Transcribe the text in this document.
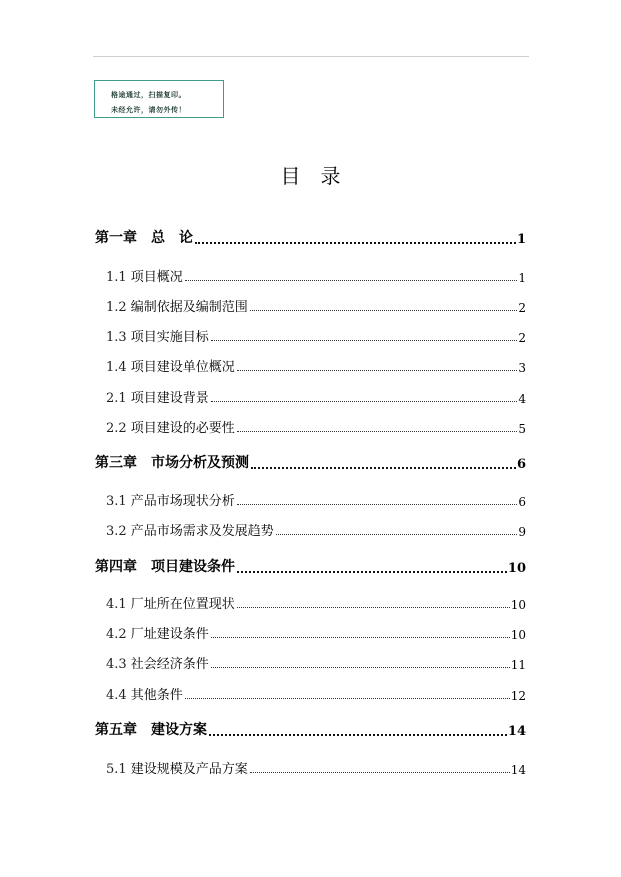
格途通过，扫描复印。
未经允许，请勿外传！
目　录
第一章　总　论	1
1.1 项目概况	1
1.2 编制依据及编制范围	2
1.3 项目实施目标	2
1.4 项目建设单位概况	3
2.1 项目建设背景	4
2.2 项目建设的必要性	5
第三章　市场分析及预测	6
3.1 产品市场现状分析	6
3.2 产品市场需求及发展趋势	9
第四章　项目建设条件	10
4.1 厂址所在位置现状	10
4.2 厂址建设条件	10
4.3 社会经济条件	11
4.4 其他条件	12
第五章　建设方案	14
5.1 建设规模及产品方案	14
